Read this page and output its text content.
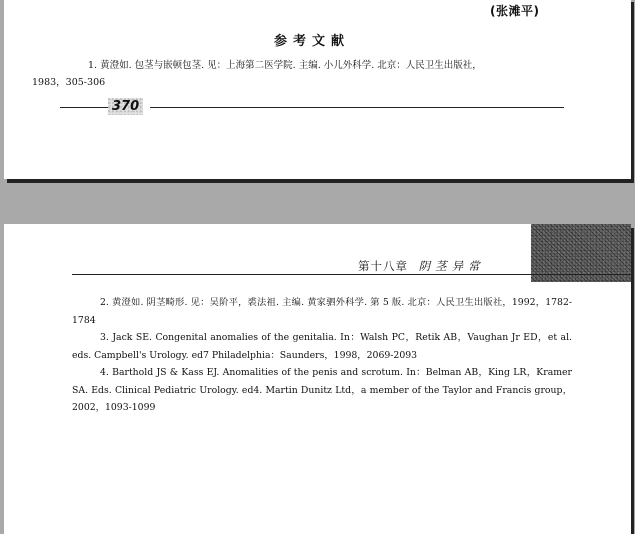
(张滩平)
参考文献
1. 黄澄如. 包茎与嵌顿包茎. 见：上海第二医学院. 主编. 小儿外科学. 北京：人民卫生出版社，
1983，305-306
370
第十八章 阴茎异常
2. 黄澄如. 阴茎畸形. 见：吴阶平，裘法祖. 主编. 黄家驷外科学. 第 5 版. 北京：人民卫生出版社，1992，1782-1784
3. Jack SE. Congenital anomalies of the genitalia. In：Walsh PC，Retik AB，Vaughan Jr ED，et al. eds. Campbell's Urology. ed7 Philadelphia：Saunders，1998，2069-2093
4. Barthold JS & Kass EJ. Anomalities of the penis and scrotum. In：Belman AB，King LR，Kramer SA. Eds. Clinical Pediatric Urology. ed4. Martin Dunitz Ltd，a member of the Taylor and Francis group，2002，1093-1099
